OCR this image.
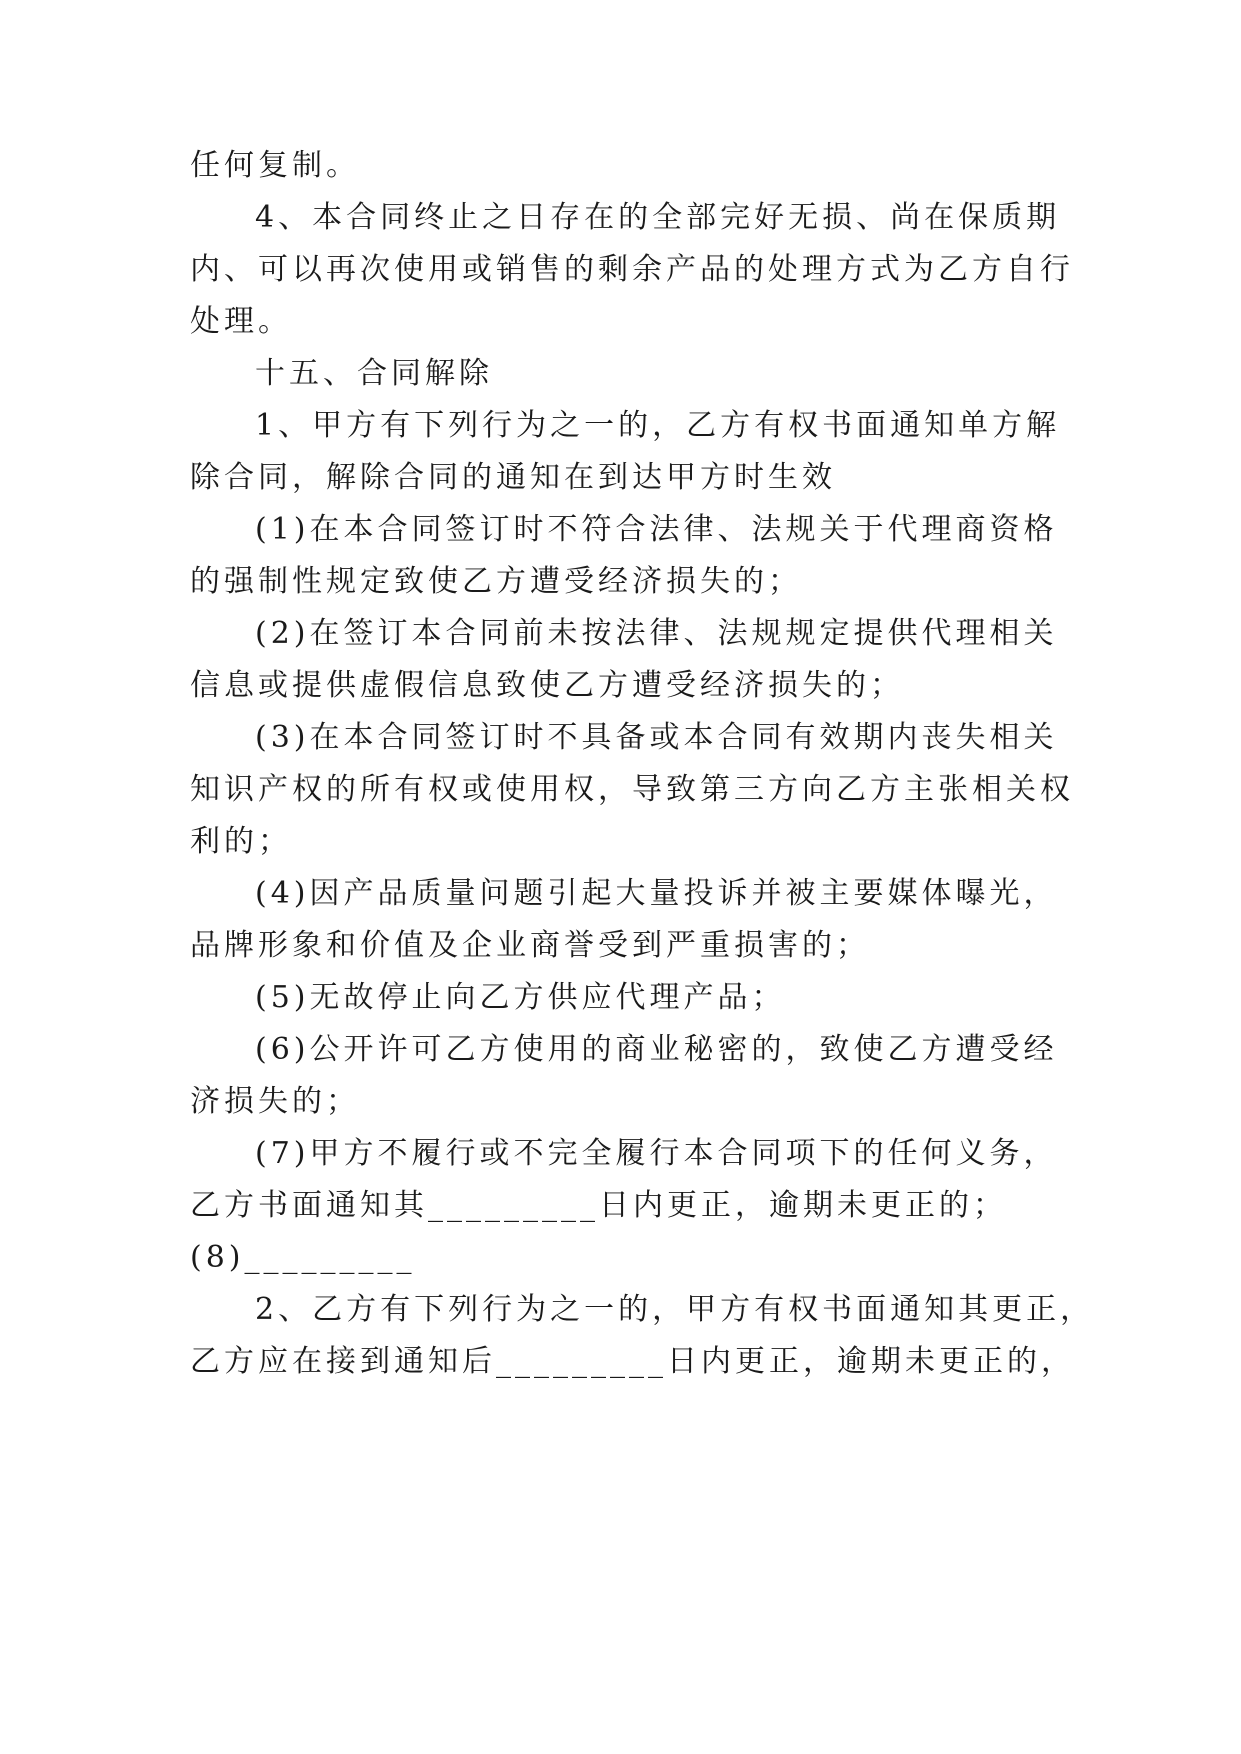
任何复制。
4、本合同终止之日存在的全部完好无损、尚在保质期
内、可以再次使用或销售的剩余产品的处理方式为乙方自行
处理。
十五、合同解除
1、甲方有下列行为之一的，乙方有权书面通知单方解
除合同，解除合同的通知在到达甲方时生效
(1)在本合同签订时不符合法律、法规关于代理商资格
的强制性规定致使乙方遭受经济损失的；
(2)在签订本合同前未按法律、法规规定提供代理相关
信息或提供虚假信息致使乙方遭受经济损失的；
(3)在本合同签订时不具备或本合同有效期内丧失相关
知识产权的所有权或使用权，导致第三方向乙方主张相关权
利的；
(4)因产品质量问题引起大量投诉并被主要媒体曝光，
品牌形象和价值及企业商誉受到严重损害的；
(5)无故停止向乙方供应代理产品；
(6)公开许可乙方使用的商业秘密的，致使乙方遭受经
济损失的；
(7)甲方不履行或不完全履行本合同项下的任何义务，
乙方书面通知其_________日内更正，逾期未更正的；
(8)_________
2、乙方有下列行为之一的，甲方有权书面通知其更正，
乙方应在接到通知后_________日内更正，逾期未更正的，
